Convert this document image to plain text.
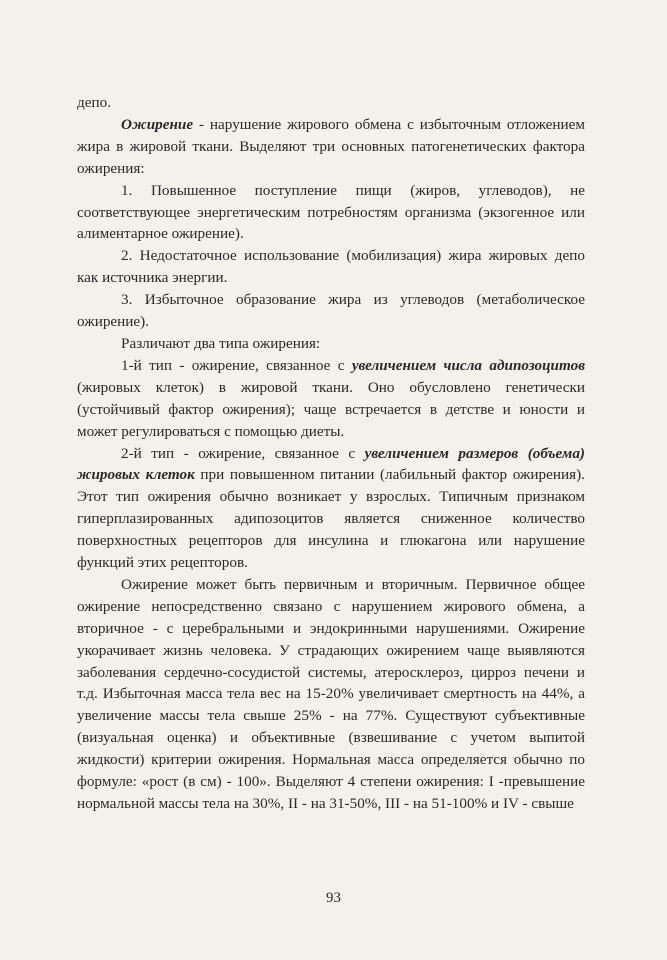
депо.

Ожирение - нарушение жирового обмена с избыточным отложением жира в жировой ткани. Выделяют три основных патогенетических фактора ожирения:

1. Повышенное поступление пищи (жиров, углеводов), не соответствующее энергетическим потребностям организма (экзогенное или алиментарное ожирение).

2. Недостаточное использование (мобилизация) жира жировых депо как источника энергии.

3. Избыточное образование жира из углеводов (метаболическое ожирение).

Различают два типа ожирения:

1-й тип - ожирение, связанное с увеличением числа адипозоцитов (жировых клеток) в жировой ткани. Оно обусловлено генетически (устойчивый фактор ожирения); чаще встречается в детстве и юности и может регулироваться с помощью диеты.

2-й тип - ожирение, связанное с увеличением размеров (объема) жировых клеток при повышенном питании (лабильный фактор ожирения). Этот тип ожирения обычно возникает у взрослых. Типичным признаком гиперплазированных адипозоцитов является сниженное количество поверхностных рецепторов для инсулина и глюкагона или нарушение функций этих рецепторов.

Ожирение может быть первичным и вторичным. Первичное общее ожирение непосредственно связано с нарушением жирового обмена, а вторичное - с церебральными и эндокринными нарушениями. Ожирение укорачивает жизнь человека. У страдающих ожирением чаще выявляются заболевания сердечно-сосудистой системы, атеросклероз, цирроз печени и т.д. Избыточная масса тела вес на 15-20% увеличивает смертность на 44%, а увеличение массы тела свыше 25% - на 77%. Существуют субъективные (визуальная оценка) и объективные (взвешивание с учетом выпитой жидкости) критерии ожирения. Нормальная масса определяется обычно по формуле: «рост (в см) - 100». Выделяют 4 степени ожирения: I -превышение нормальной массы тела на 30%, II - на 31-50%, III - на 51-100% и IV - свыше

93
